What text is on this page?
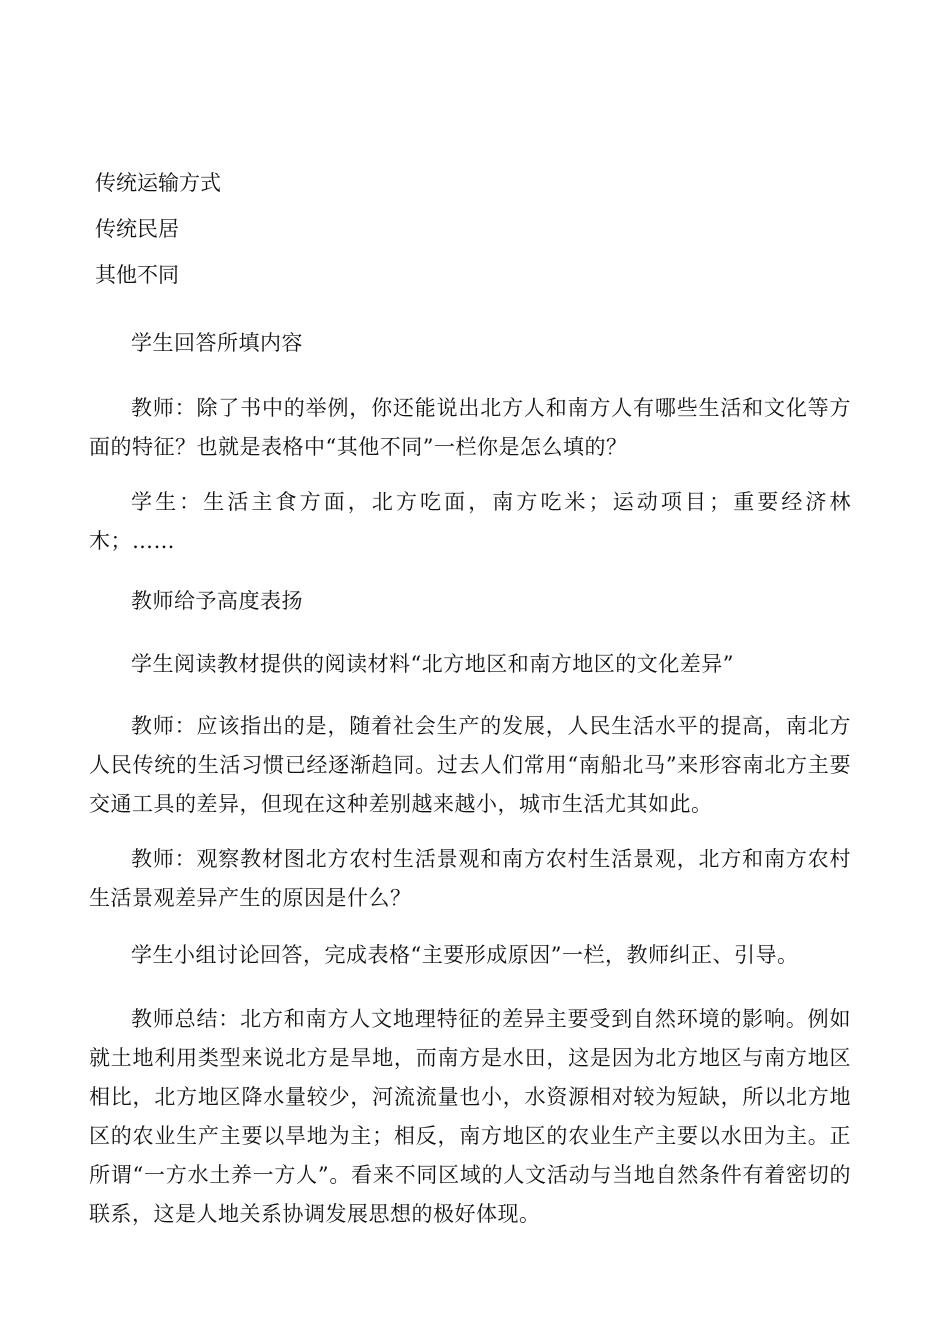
传统运输方式
传统民居
其他不同

学生回答所填内容

教师：除了书中的举例，你还能说出北方人和南方人有哪些生活和文化等方面的特征？也就是表格中“其他不同”一栏你是怎么填的？

学生：生活主食方面，北方吃面，南方吃米；运动项目；重要经济林木；……

教师给予高度表扬

学生阅读教材提供的阅读材料“北方地区和南方地区的文化差异”

教师：应该指出的是，随着社会生产的发展，人民生活水平的提高，南北方人民传统的生活习惯已经逐渐趋同。过去人们常用“南船北马”来形容南北方主要交通工具的差异，但现在这种差别越来越小，城市生活尤其如此。

教师：观察教材图北方农村生活景观和南方农村生活景观，北方和南方农村生活景观差异产生的原因是什么？

学生小组讨论回答，完成表格“主要形成原因”一栏，教师纠正、引导。

教师总结：北方和南方人文地理特征的差异主要受到自然环境的影响。例如就土地利用类型来说北方是旱地，而南方是水田，这是因为北方地区与南方地区相比，北方地区降水量较少，河流流量也小，水资源相对较为短缺，所以北方地区的农业生产主要以旱地为主；相反，南方地区的农业生产主要以水田为主。正所谓“一方水土养一方人”。看来不同区域的人文活动与当地自然条件有着密切的联系，这是人地关系协调发展思想的极好体现。
